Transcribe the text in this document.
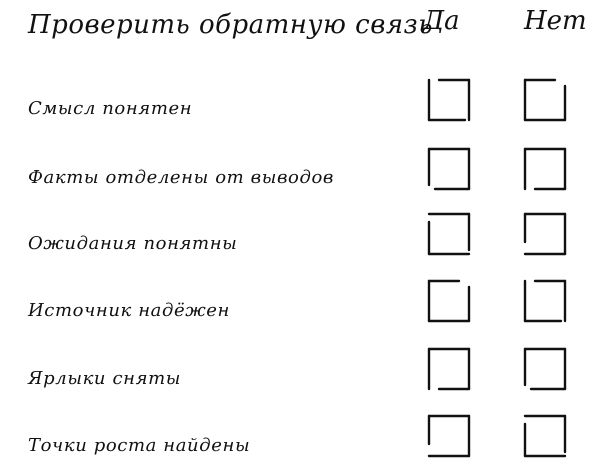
Проверить обратную связь
Да Нет
Смысл понятен
Факты отделены от выводов
Ожидания понятны
Источник надёжен
Ярлыки сняты
Точки роста найдены
